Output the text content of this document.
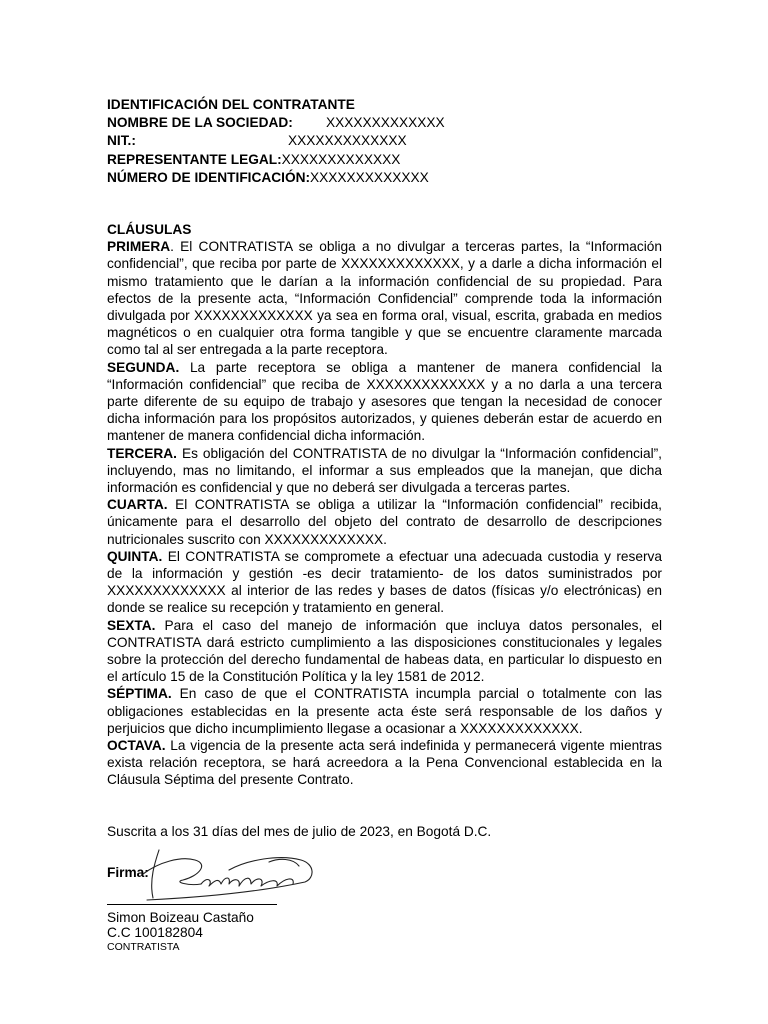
IDENTIFICACIÓN DEL CONTRATANTE
NOMBRE DE LA SOCIEDAD: XXXXXXXXXXXXX
NIT.:	XXXXXXXXXXXXX
REPRESENTANTE LEGAL:XXXXXXXXXXXXX
NÚMERO DE IDENTIFICACIÓN:XXXXXXXXXXXXX
CLÁUSULAS

PRIMERA. El CONTRATISTA se obliga a no divulgar a terceras partes, la “Información confidencial”, que reciba por parte de XXXXXXXXXXXXX, y a darle a dicha información el mismo tratamiento que le darían a la información confidencial de su propiedad. Para efectos de la presente acta, “Información Confidencial” comprende toda la información divulgada por XXXXXXXXXXXXX ya sea en forma oral, visual, escrita, grabada en medios magnéticos o en cualquier otra forma tangible y que se encuentre claramente marcada como tal al ser entregada a la parte receptora.

SEGUNDA. La parte receptora se obliga a mantener de manera confidencial la “Información confidencial” que reciba de XXXXXXXXXXXXX y a no darla a una tercera parte diferente de su equipo de trabajo y asesores que tengan la necesidad de conocer dicha información para los propósitos autorizados, y quienes deberán estar de acuerdo en mantener de manera confidencial dicha información.

TERCERA. Es obligación del CONTRATISTA de no divulgar la “Información confidencial”, incluyendo, mas no limitando, el informar a sus empleados que la manejan, que dicha información es confidencial y que no deberá ser divulgada a terceras partes.

CUARTA. El CONTRATISTA se obliga a utilizar la “Información confidencial” recibida, únicamente para el desarrollo del objeto del contrato de desarrollo de descripciones nutricionales suscrito con XXXXXXXXXXXXX.

QUINTA. El CONTRATISTA se compromete a efectuar una adecuada custodia y reserva de la información y gestión -es decir tratamiento- de los datos suministrados por XXXXXXXXXXXXX al interior de las redes y bases de datos (físicas y/o electrónicas) en donde se realice su recepción y tratamiento en general.

SEXTA. Para el caso del manejo de información que incluya datos personales, el CONTRATISTA dará estricto cumplimiento a las disposiciones constitucionales y legales sobre la protección del derecho fundamental de habeas data, en particular lo dispuesto en el artículo 15 de la Constitución Política y la ley 1581 de 2012.

SÉPTIMA. En caso de que el CONTRATISTA incumpla parcial o totalmente con las obligaciones establecidas en la presente acta éste será responsable de los daños y perjuicios que dicho incumplimiento llegase a ocasionar a XXXXXXXXXXXXX.

OCTAVA. La vigencia de la presente acta será indefinida y permanecerá vigente mientras exista relación receptora, se hará acreedora a la Pena Convencional establecida en la Cláusula Séptima del presente Contrato.

Suscrita a los 31 días del mes de julio de 2023, en Bogotá D.C.
Firma:
Simon Boizeau Castaño
C.C 100182804
CONTRATISTA
